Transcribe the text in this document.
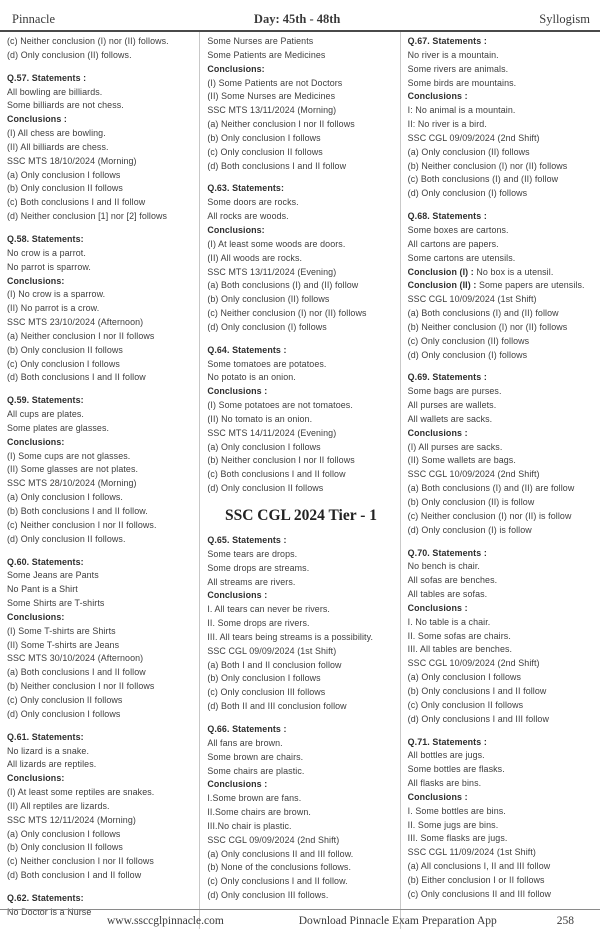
Pinnacle	Day: 45th - 48th	Syllogism
(c) Neither conclusion (I) nor (II) follows.
(d) Only conclusion (II) follows.
Q.57. Statements :
All bowling are billiards.
Some billiards are not chess.
Conclusions :
(I) All chess are bowling.
(II) All billiards are chess.
SSC MTS 18/10/2024 (Morning)
(a) Only conclusion I follows
(b) Only conclusion II follows
(c) Both conclusions I and II follow
(d) Neither conclusion [1] nor [2] follows
Q.58. Statements:
No crow is a parrot.
No parrot is sparrow.
Conclusions:
(I) No crow is a sparrow.
(II) No parrot is a crow.
SSC MTS 23/10/2024 (Afternoon)
(a) Neither conclusion I nor II follows
(b) Only conclusion II follows
(c) Only conclusion I follows
(d) Both conclusions I and II follow
Q.59. Statements:
All cups are plates.
Some plates are glasses.
Conclusions:
(I) Some cups are not glasses.
(II) Some glasses are not plates.
SSC MTS 28/10/2024 (Morning)
(a) Only conclusion I follows.
(b) Both conclusions I and II follow.
(c) Neither conclusion I nor II follows.
(d) Only conclusion II follows.
Q.60. Statements:
Some Jeans are Pants
No Pant is a Shirt
Some Shirts are T-shirts
Conclusions:
(I) Some T-shirts are Shirts
(II) Some T-shirts are Jeans
SSC MTS 30/10/2024 (Afternoon)
(a) Both conclusions I and II follow
(b) Neither conclusion I nor II follows
(c) Only conclusion II follows
(d) Only conclusion I follows
Q.61. Statements:
No lizard is a snake.
All lizards are reptiles.
Conclusions:
(I) At least some reptiles are snakes.
(II) All reptiles are lizards.
SSC MTS 12/11/2024 (Morning)
(a) Only conclusion I follows
(b) Only conclusion II follows
(c) Neither conclusion I nor II follows
(d) Both conclusion I and II follow
Q.62. Statements:
No Doctor is a Nurse
Some Nurses are Patients
Some Patients are Medicines
Conclusions:
(I) Some Patients are not Doctors
(II) Some Nurses are Medicines
SSC MTS 13/11/2024 (Morning)
(a) Neither conclusion I nor II follows
(b) Only conclusion I follows
(c) Only conclusion II follows
(d) Both conclusions I and II follow
Q.63. Statements:
Some doors are rocks.
All rocks are woods.
Conclusions:
(I) At least some woods are doors.
(II) All woods are rocks.
SSC MTS 13/11/2024 (Evening)
(a) Both conclusions (I) and (II) follow
(b) Only conclusion (II) follows
(c) Neither conclusion (I) nor (II) follows
(d) Only conclusion (I) follows
Q.64. Statements :
Some tomatoes are potatoes.
No potato is an onion.
Conclusions :
(I) Some potatoes are not tomatoes.
(II) No tomato is an onion.
SSC MTS 14/11/2024 (Evening)
(a) Only conclusion I follows
(b) Neither conclusion I nor II follows
(c) Both conclusions I and II follow
(d) Only conclusion II follows
SSC CGL 2024 Tier - 1
Q.65. Statements :
Some tears are drops.
Some drops are streams.
All streams are rivers.
Conclusions :
I. All tears can never be rivers.
II. Some drops are rivers.
III. All tears being streams is a possibility.
SSC CGL 09/09/2024 (1st Shift)
(a) Both I and II conclusion follow
(b) Only conclusion I follows
(c) Only conclusion III follows
(d) Both II and III conclusion follow
Q.66. Statements :
All fans are brown.
Some brown are chairs.
Some chairs are plastic.
Conclusions :
I.Some brown are fans.
II.Some chairs are brown.
III.No chair is plastic.
SSC CGL 09/09/2024 (2nd Shift)
(a) Only conclusions II and III follow.
(b) None of the conclusions follows.
(c) Only conclusions I and II follow.
(d) Only conclusion III follows.
Q.67. Statements :
No river is a mountain.
Some rivers are animals.
Some birds are mountains.
Conclusions :
I: No animal is a mountain.
II: No river is a bird.
SSC CGL 09/09/2024 (2nd Shift)
(a) Only conclusion (II) follows
(b) Neither conclusion (I) nor (II) follows
(c) Both conclusions (I) and (II) follow
(d) Only conclusion (I) follows
Q.68. Statements :
Some boxes are cartons.
All cartons are papers.
Some cartons are utensils.
Conclusion (I) : No box is a utensil.
Conclusion (II) : Some papers are utensils.
SSC CGL 10/09/2024 (1st Shift)
(a) Both conclusions (I) and (II) follow
(b) Neither conclusion (I) nor (II) follows
(c) Only conclusion (II) follows
(d) Only conclusion (I) follows
Q.69. Statements :
Some bags are purses.
All purses are wallets.
All wallets are sacks.
Conclusions :
(I) All purses are sacks.
(II) Some wallets are bags.
SSC CGL 10/09/2024 (2nd Shift)
(a) Both conclusions (I) and (II) are follow
(b) Only conclusion (II) is follow
(c) Neither conclusion (I) nor (II) is follow
(d) Only conclusion (I) is follow
Q.70. Statements :
No bench is chair.
All sofas are benches.
All tables are sofas.
Conclusions :
I. No table is a chair.
II. Some sofas are chairs.
III. All tables are benches.
SSC CGL 10/09/2024 (2nd Shift)
(a) Only conclusion I follows
(b) Only conclusions I and II follow
(c) Only conclusion II follows
(d) Only conclusions I and III follow
Q.71. Statements :
All bottles are jugs.
Some bottles are flasks.
All flasks are bins.
Conclusions :
I. Some bottles are bins.
II. Some jugs are bins.
III. Some flasks are jugs.
SSC CGL 11/09/2024 (1st Shift)
(a) All conclusions I, II and III follow
(b) Either conclusion I or II follows
(c) Only conclusions II and III follow
www.ssccglpinnacle.com	Download Pinnacle Exam Preparation App	258
